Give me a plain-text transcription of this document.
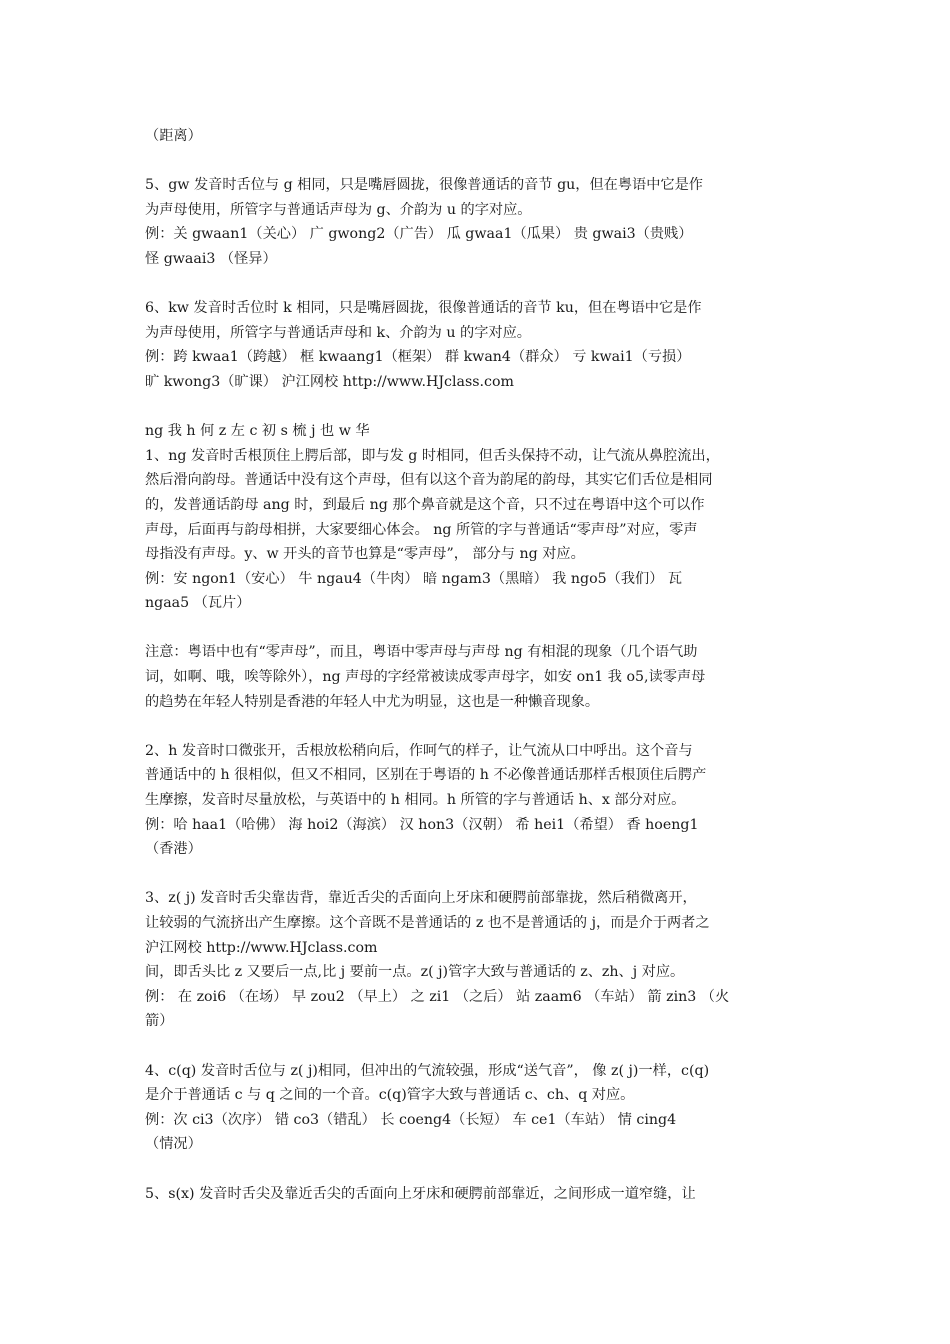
（距离）
5、gw 发音时舌位与 g 相同，只是嘴唇圆拢，很像普通话的音节 gu，但在粤语中它是作
为声母使用，所管字与普通话声母为 g、介韵为 u 的字对应。
例：关 gwaan1（关心） 广 gwong2（广告） 瓜 gwaa1（瓜果） 贵 gwai3（贵贱）
怪 gwaai3 （怪异）
6、kw 发音时舌位时 k 相同，只是嘴唇圆拢，很像普通话的音节 ku，但在粤语中它是作
为声母使用，所管字与普通话声母和 k、介韵为 u 的字对应。
例：跨 kwaa1（跨越） 框 kwaang1（框架） 群 kwan4（群众） 亏 kwai1（亏损）
旷 kwong3（旷课） 沪江网校 http://www.HJclass.com
ng 我 h 何 z 左 c 初 s 梳 j 也 w 华
1、ng 发音时舌根顶住上腭后部，即与发 g 时相同，但舌头保持不动，让气流从鼻腔流出，
然后滑向韵母。普通话中没有这个声母，但有以这个音为韵尾的韵母，其实它们舌位是相同
的，发普通话韵母 ang 时，到最后 ng 那个鼻音就是这个音，只不过在粤语中这个可以作
声母，后面再与韵母相拼，大家要细心体会。 ng 所管的字与普通话“零声母”对应，零声
母指没有声母。y、w 开头的音节也算是“零声母”， 部分与 ng 对应。
例：安 ngon1（安心） 牛 ngau4（牛肉） 暗 ngam3（黑暗） 我 ngo5（我们） 瓦
ngaa5 （瓦片）
注意：粤语中也有“零声母”，而且，粤语中零声母与声母 ng 有相混的现象（几个语气助
词，如啊、哦，唉等除外），ng 声母的字经常被读成零声母字，如安 on1 我 o5,读零声母
的趋势在年轻人特别是香港的年轻人中尤为明显，这也是一种懒音现象。
2、h 发音时口微张开，舌根放松稍向后，作呵气的样子，让气流从口中呼出。这个音与
普通话中的 h 很相似，但又不相同，区别在于粤语的 h 不必像普通话那样舌根顶住后腭产
生摩擦，发音时尽量放松，与英语中的 h 相同。h 所管的字与普通话 h、x 部分对应。
例：哈 haa1（哈佛） 海 hoi2（海滨） 汉 hon3（汉朝） 希 hei1（希望） 香 hoeng1
（香港）
3、z( j) 发音时舌尖靠齿背，靠近舌尖的舌面向上牙床和硬腭前部靠拢，然后稍微离开，
让较弱的气流挤出产生摩擦。这个音既不是普通话的 z 也不是普通话的 j，而是介于两者之
沪江网校 http://www.HJclass.com
间，即舌头比 z 又要后一点,比 j 要前一点。z( j)管字大致与普通话的 z、zh、j 对应。
例： 在 zoi6 （在场） 早 zou2 （早上） 之 zi1 （之后） 站 zaam6 （车站） 箭 zin3 （火
箭）
4、c(q) 发音时舌位与 z( j)相同，但冲出的气流较强，形成“送气音”， 像 z( j)一样，c(q)
是介于普通话 c 与 q 之间的一个音。c(q)管字大致与普通话 c、ch、q 对应。
例：次 ci3（次序） 错 co3（错乱） 长 coeng4（长短） 车 ce1（车站） 情 cing4
（情况）
5、s(x) 发音时舌尖及靠近舌尖的舌面向上牙床和硬腭前部靠近，之间形成一道窄缝，让
